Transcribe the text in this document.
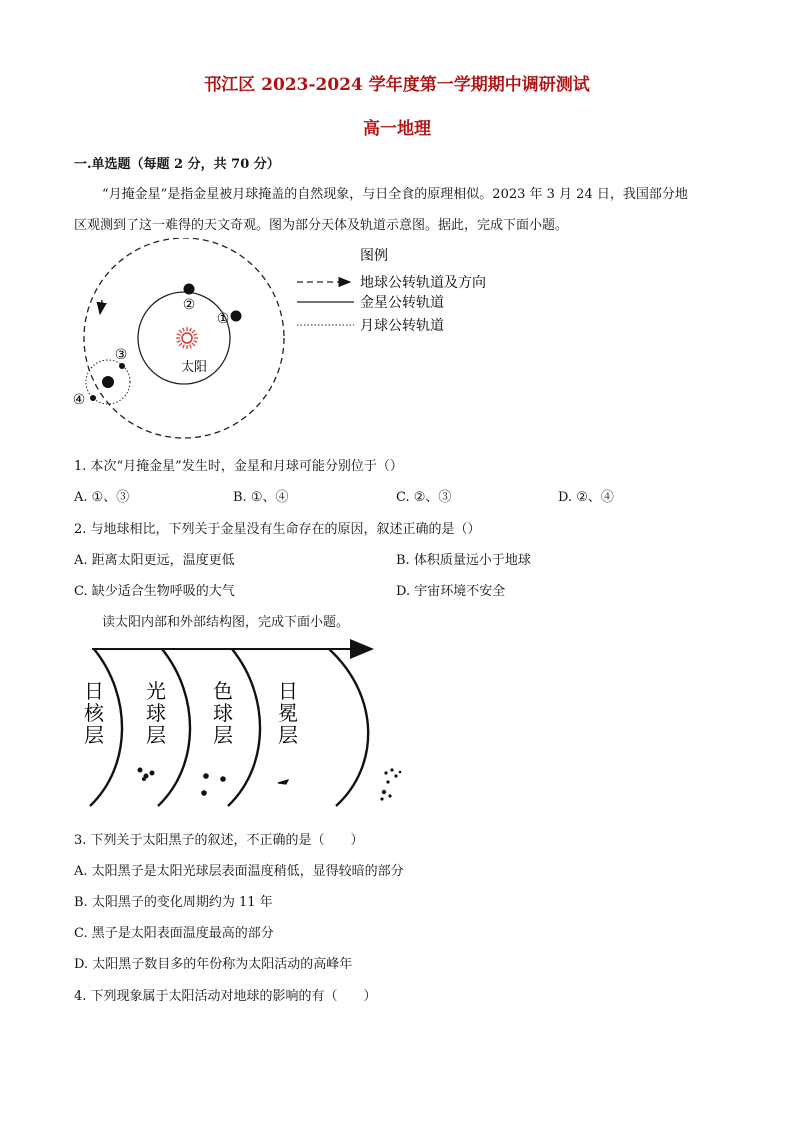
邗江区 2023-2024 学年度第一学期期中调研测试
高一地理
一.单选题（每题 2 分，共 70 分）
“月掩金星”是指金星被月球掩盖的自然现象，与日全食的原理相似。2023 年 3 月 24 日，我国部分地
区观测到了这一难得的天文奇观。图为部分天体及轨道示意图。据此，完成下面小题。
太阳
②
①
③
④
图例
地球公转轨道及方向
金星公转轨道
月球公转轨道
1. 本次“月掩金星”发生时，金星和月球可能分别位于（）
A. ①、③	B. ①、④	C. ②、③	D. ②、④
2. 与地球相比，下列关于金星没有生命存在的原因，叙述正确的是（）
A. 距离太阳更远，温度更低	B. 体积质量远小于地球
C. 缺少适合生物呼吸的大气	D. 宇宙环境不安全
读太阳内部和外部结构图，完成下面小题。
日
核
层
光
球
层
色
球
层
日
冕
层
3. 下列关于太阳黑子的叙述，不正确的是（　　）
A. 太阳黑子是太阳光球层表面温度稍低，显得较暗的部分
B. 太阳黑子的变化周期约为 11 年
C. 黑子是太阳表面温度最高的部分
D. 太阳黑子数目多的年份称为太阳活动的高峰年
4. 下列现象属于太阳活动对地球的影响的有（　　）
